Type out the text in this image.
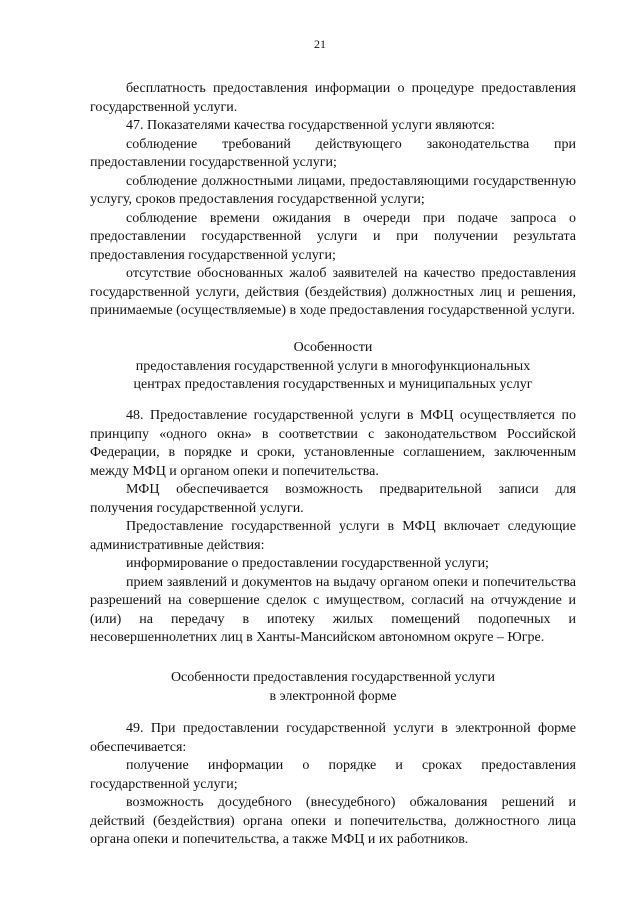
21

бесплатность предоставления информации о процедуре предоставления государственной услуги.

47. Показателями качества государственной услуги являются:

соблюдение требований действующего законодательства при предоставлении государственной услуги;

соблюдение должностными лицами, предоставляющими государственную услугу, сроков предоставления государственной услуги;

соблюдение времени ожидания в очереди при подаче запроса о предоставлении государственной услуги и при получении результата предоставления государственной услуги;

отсутствие обоснованных жалоб заявителей на качество предоставления государственной услуги, действия (бездействия) должностных лиц и решения, принимаемые (осуществляемые) в ходе предоставления государственной услуги.

Особенности
предоставления государственной услуги в многофункциональных
центрах предоставления государственных и муниципальных услуг

48. Предоставление государственной услуги в МФЦ осуществляется по принципу «одного окна» в соответствии с законодательством Российской Федерации, в порядке и сроки, установленные соглашением, заключенным между МФЦ и органом опеки и попечительства.

МФЦ обеспечивается возможность предварительной записи для получения государственной услуги.

Предоставление государственной услуги в МФЦ включает следующие административные действия:

информирование о предоставлении государственной услуги;

прием заявлений и документов на выдачу органом опеки и попечительства разрешений на совершение сделок с имуществом, согласий на отчуждение и (или) на передачу в ипотеку жилых помещений подопечных и несовершеннолетних лиц в Ханты-Мансийском автономном округе – Югре.

Особенности предоставления государственной услуги
в электронной форме

49. При предоставлении государственной услуги в электронной форме обеспечивается:

получение информации о порядке и сроках предоставления государственной услуги;

возможность досудебного (внесудебного) обжалования решений и действий (бездействия) органа опеки и попечительства, должностного лица органа опеки и попечительства, а также МФЦ и их работников.
